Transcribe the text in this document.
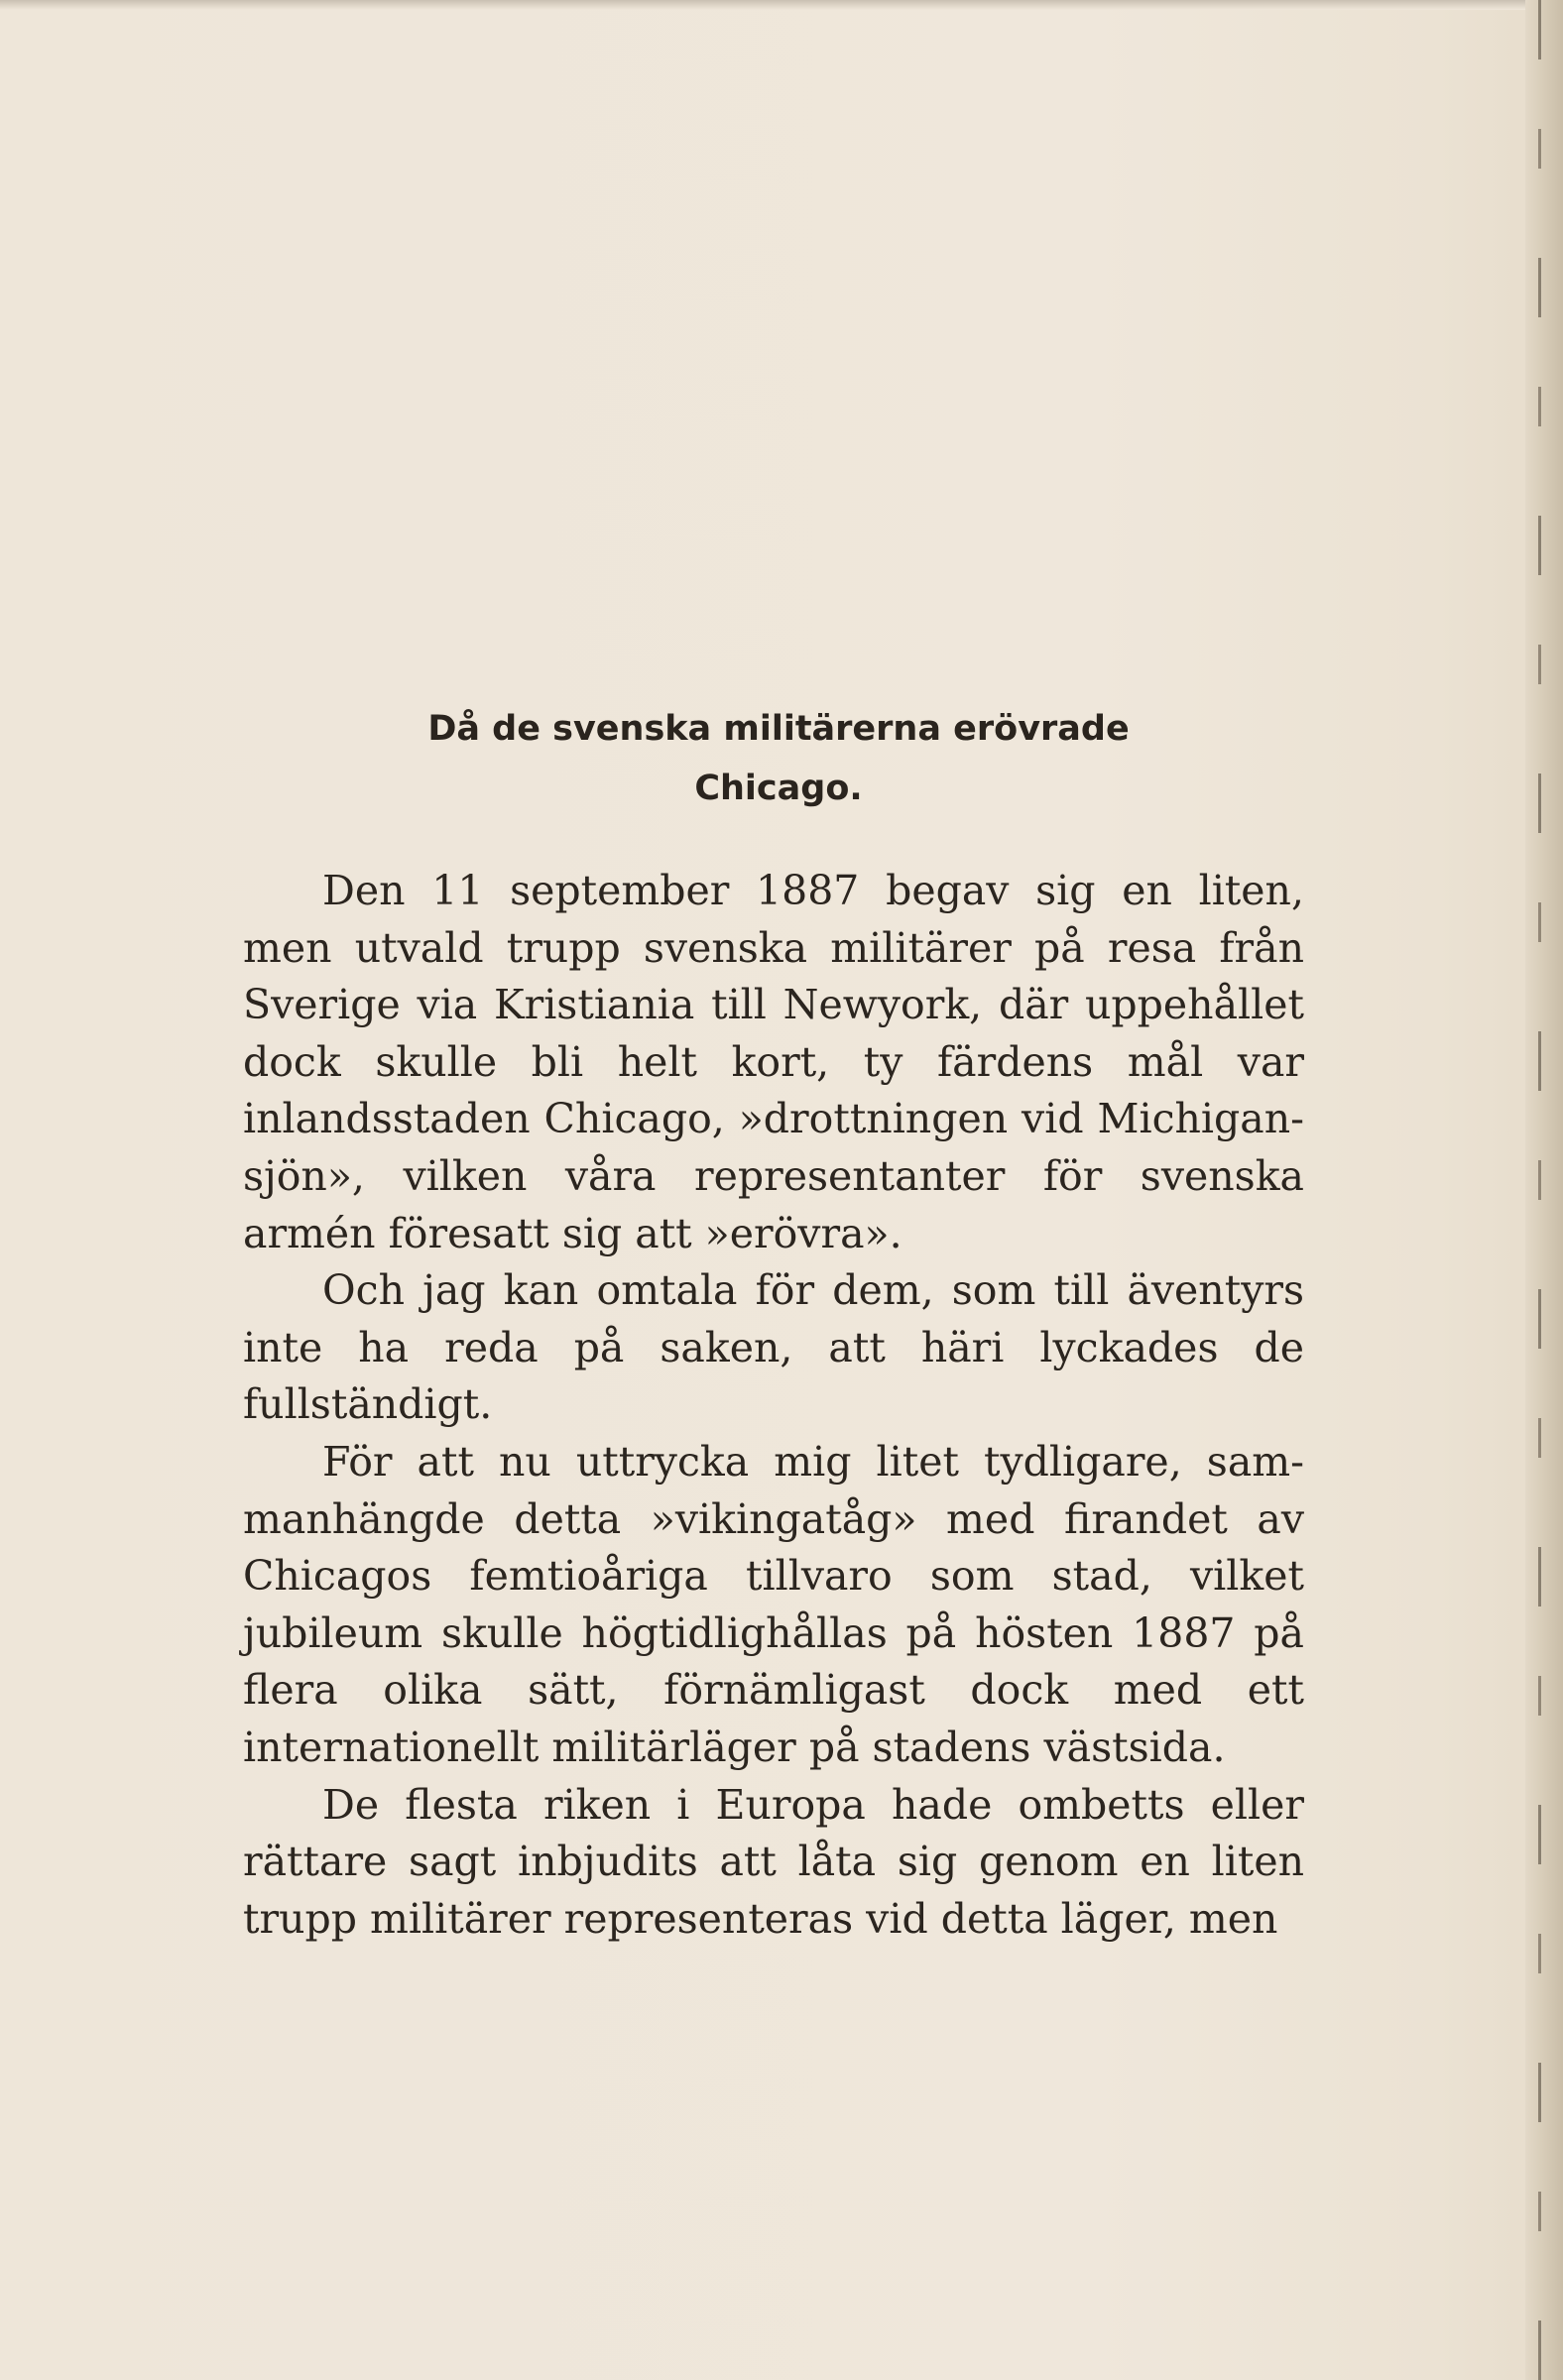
Då de svenska militärerna erövrade
Chicago.

Den 11 september 1887 begav sig en liten, men utvald trupp svenska militärer på resa från Sverige via Kristiania till Newyork, där uppehållet dock skulle bli helt kort, ty färdens mål var inlandsstaden Chicago, »drottningen vid Michigan-sjön», vilken våra representanter för svenska armén föresatt sig att »erövra».

Och jag kan omtala för dem, som till äventyrs inte ha reda på saken, att häri lyckades de fullständigt.

För att nu uttrycka mig litet tydligare, sammanhängde detta »vikingatåg» med firandet av Chicagos femtioåriga tillvaro som stad, vilket jubileum skulle högtidlighållas på hösten 1887 på flera olika sätt, förnämligast dock med ett internationellt militärläger på stadens västsida.

De flesta riken i Europa hade ombetts eller rättare sagt inbjudits att låta sig genom en liten trupp militärer representeras vid detta läger, men
